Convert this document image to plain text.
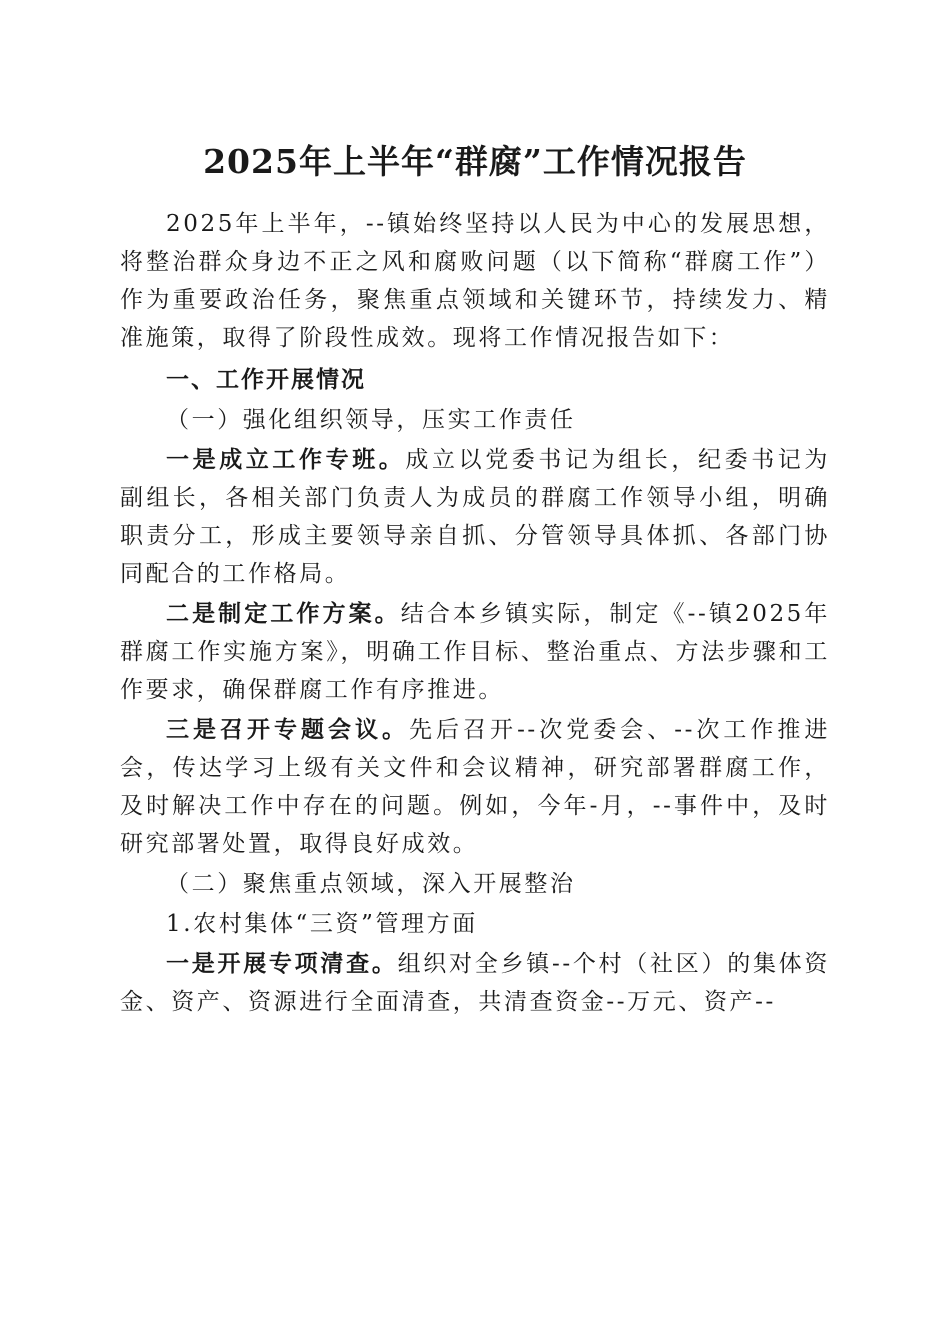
2025年上半年“群腐”工作情况报告

2025年上半年，--镇始终坚持以人民为中心的发展思想，将整治群众身边不正之风和腐败问题（以下简称“群腐工作”）作为重要政治任务，聚焦重点领域和关键环节，持续发力、精准施策，取得了阶段性成效。现将工作情况报告如下：

一、工作开展情况

（一）强化组织领导，压实工作责任

一是成立工作专班。成立以党委书记为组长，纪委书记为副组长，各相关部门负责人为成员的群腐工作领导小组，明确职责分工，形成主要领导亲自抓、分管领导具体抓、各部门协同配合的工作格局。

二是制定工作方案。结合本乡镇实际，制定《--镇2025年群腐工作实施方案》，明确工作目标、整治重点、方法步骤和工作要求，确保群腐工作有序推进。

三是召开专题会议。先后召开--次党委会、--次工作推进会，传达学习上级有关文件和会议精神，研究部署群腐工作，及时解决工作中存在的问题。例如，今年-月，--事件中，及时研究部署处置，取得良好成效。

（二）聚焦重点领域，深入开展整治

1.农村集体“三资”管理方面

一是开展专项清查。组织对全乡镇--个村（社区）的集体资金、资产、资源进行全面清查，共清查资金--万元、资产--
